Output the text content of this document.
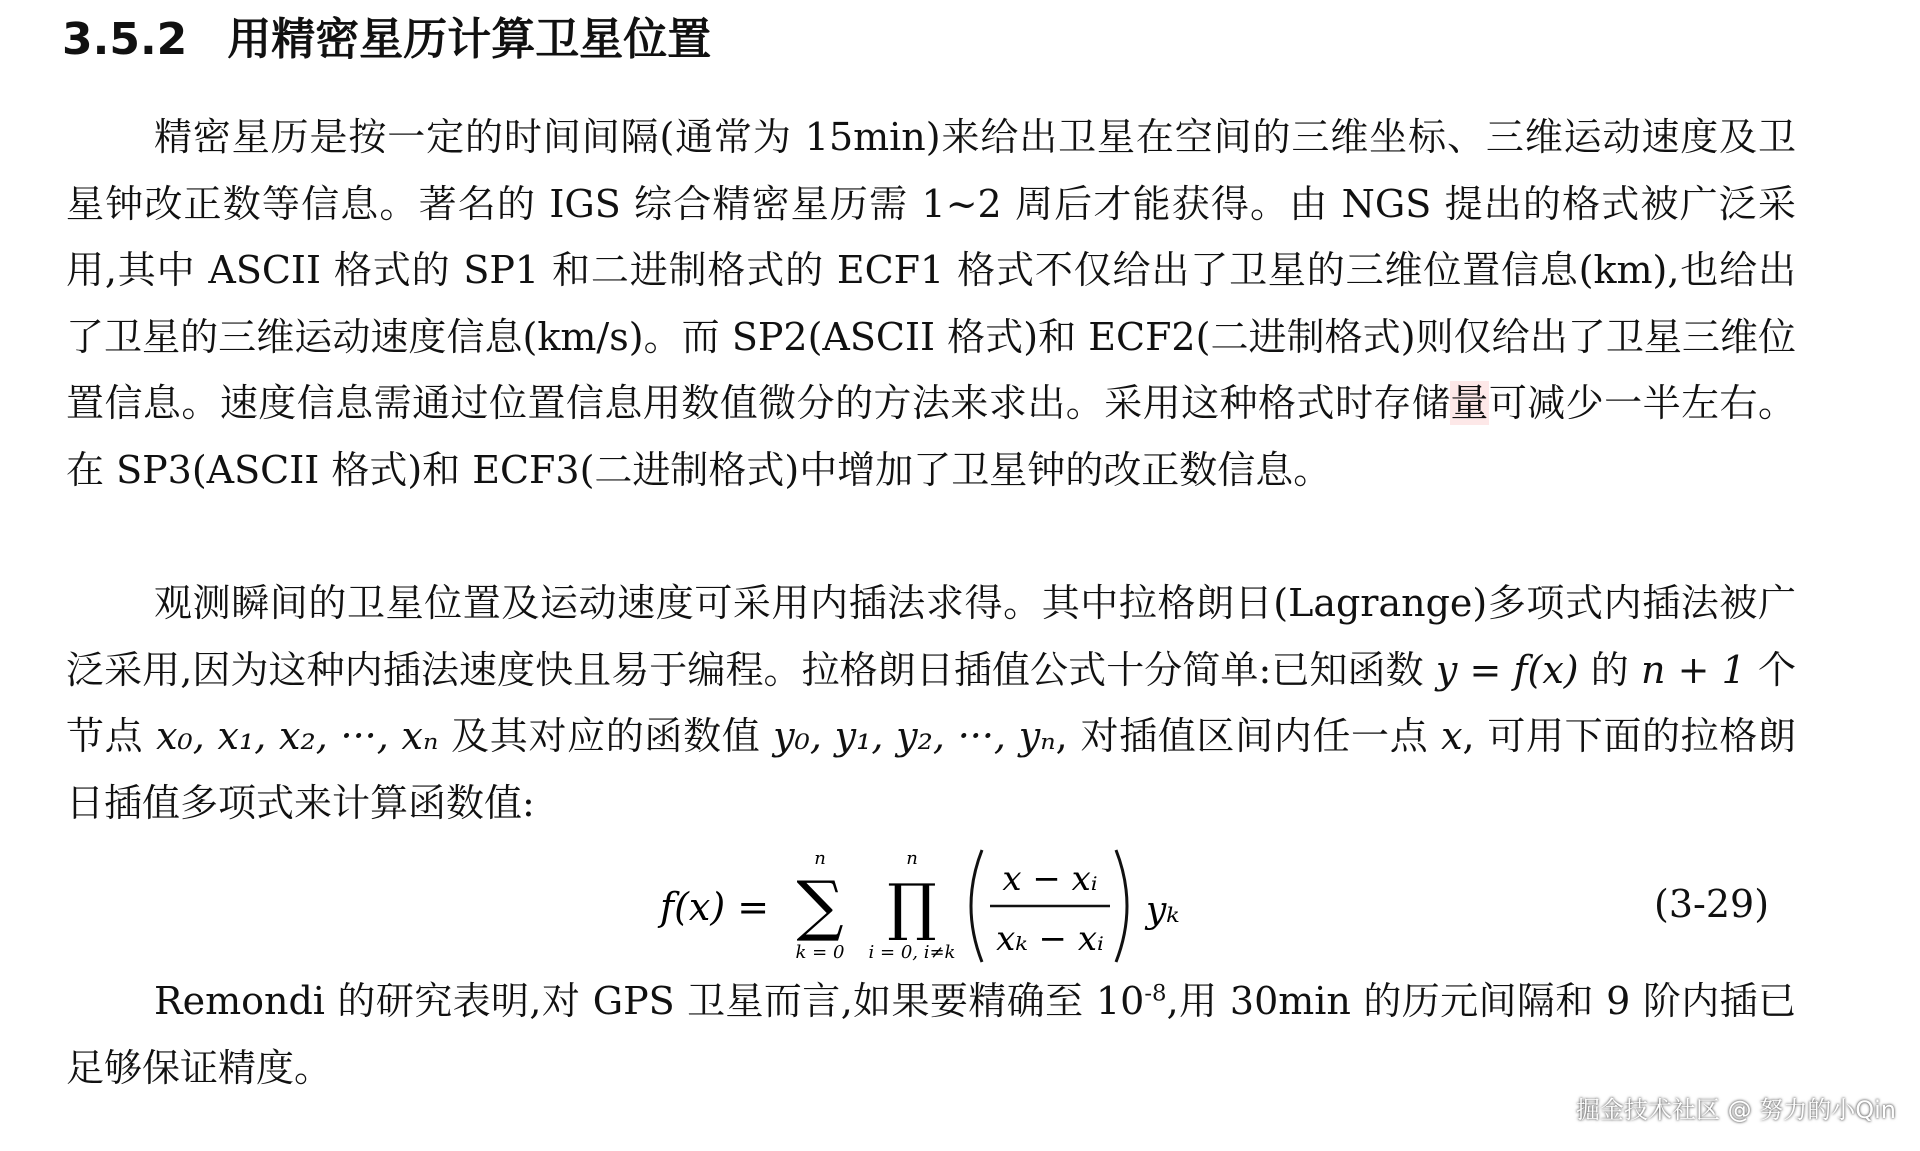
3.5.2 用精密星历计算卫星位置
精密星历是按一定的时间间隔(通常为 15min)来给出卫星在空间的三维坐标、三维运动速度及卫星钟改正数等信息。著名的 IGS 综合精密星历需 1~2 周后才能获得。由 NGS 提出的格式被广泛采用,其中 ASCII 格式的 SP1 和二进制格式的 ECF1 格式不仅给出了卫星的三维位置信息(km),也给出了卫星的三维运动速度信息(km/s)。而 SP2(ASCII 格式)和 ECF2(二进制格式)则仅给出了卫星三维位置信息。速度信息需通过位置信息用数值微分的方法来求出。采用这种格式时存储量可减少一半左右。在 SP3(ASCII 格式)和 ECF3(二进制格式)中增加了卫星钟的改正数信息。
观测瞬间的卫星位置及运动速度可采用内插法求得。其中拉格朗日(Lagrange)多项式内插法被广泛采用,因为这种内插法速度快且易于编程。拉格朗日插值公式十分简单:已知函数 y = f(x) 的 n + 1 个节点 x₀, x₁, x₂, ···, xₙ 及其对应的函数值 y₀, y₁, y₂, ···, yₙ, 对插值区间内任一点 x, 可用下面的拉格朗日插值多项式来计算函数值:
f(x) =
n
∑
k = 0
n
∏
i = 0, i≠k
x − xᵢ
xₖ − xᵢ
yₖ	(3-29)
Remondi 的研究表明,对 GPS 卫星而言,如果要精确至 $10^{-8}$,用 30min 的历元间隔和 9 阶内插已足够保证精度。
掘金技术社区 @ 努力的小Qin
